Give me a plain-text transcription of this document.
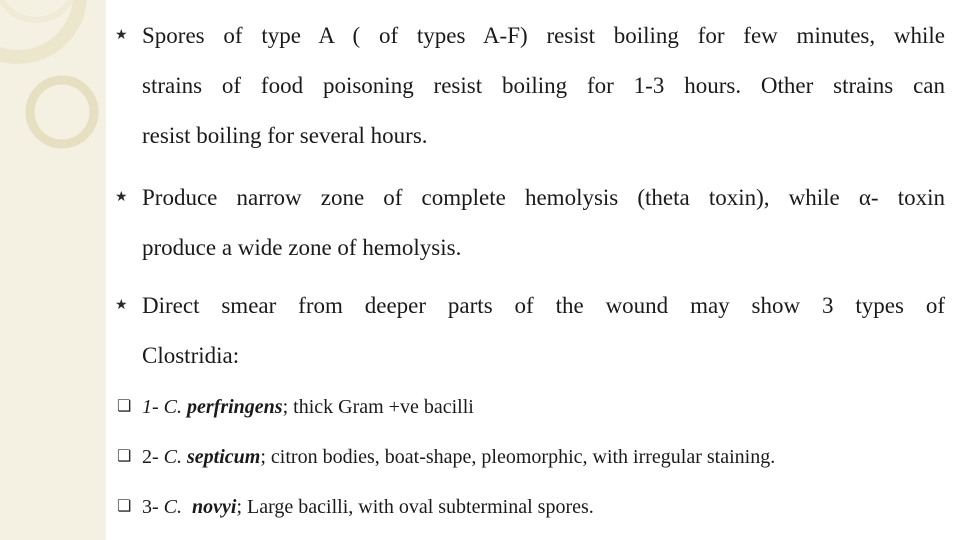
★ Spores of type A ( of types A-F) resist boiling for few minutes, while
strains of food poisoning resist boiling for 1-3 hours. Other strains can
resist boiling for several hours.
★ Produce narrow zone of complete hemolysis (theta toxin), while α- toxin
produce a wide zone of hemolysis.
★ Direct smear from deeper parts of the wound may show 3 types of
Clostridia:
❏ 1- C. perfringens; thick Gram +ve bacilli
❏ 2- C. septicum; citron bodies, boat-shape, pleomorphic, with irregular staining.
❏ 3- C.  novyi; Large bacilli, with oval subterminal spores.
